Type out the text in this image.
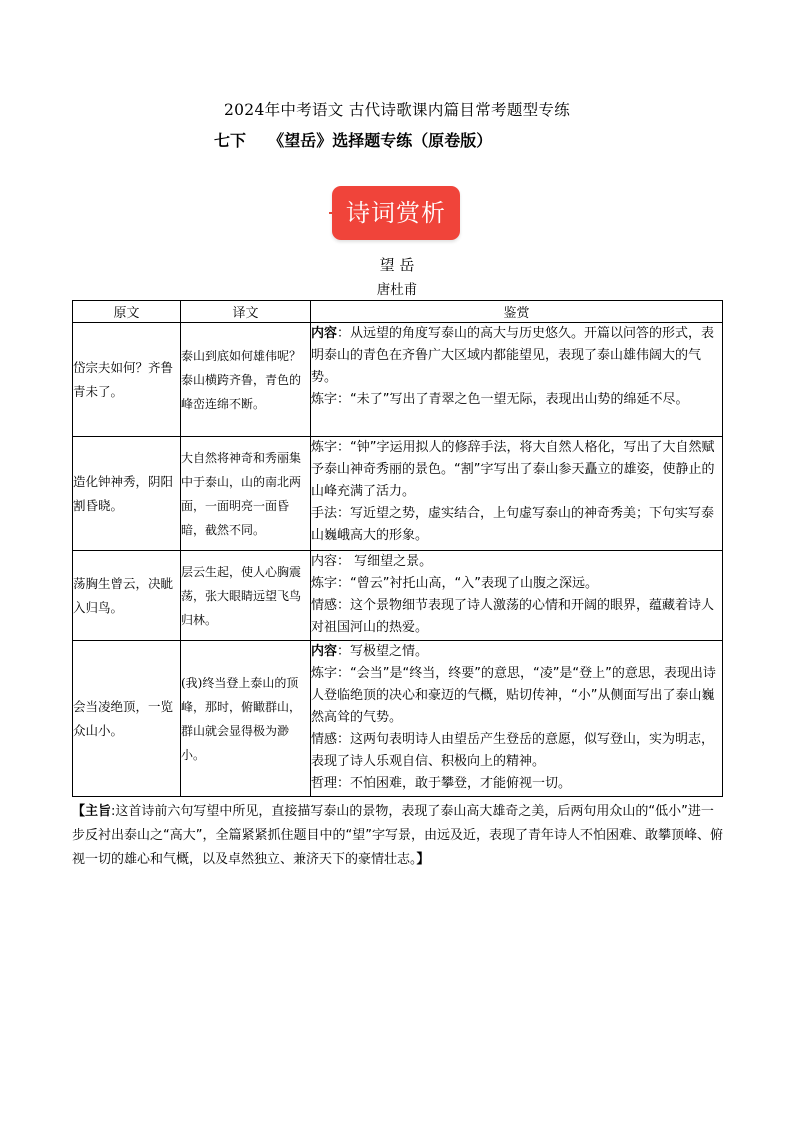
2024年中考语文 古代诗歌课内篇目常考题型专练
七下    《望岳》选择题专练（原卷版）
诗词赏析
望 岳
唐杜甫
原文	译文	鉴赏
岱宗夫如何？齐鲁青未了。	泰山到底如何雄伟呢？泰山横跨齐鲁，青色的峰峦连绵不断。	内容：从远望的角度写泰山的高大与历史悠久。开篇以问答的形式，表明泰山的青色在齐鲁广大区域内都能望见，表现了泰山雄伟阔大的气势。

炼字：“未了”写出了青翠之色一望无际，表现出山势的绵延不尽。

造化钟神秀，阴阳割昏晓。	大自然将神奇和秀丽集中于泰山，山的南北两面，一面明亮一面昏暗，截然不同。	炼字：“钟”字运用拟人的修辞手法，将大自然人格化，写出了大自然赋予泰山神奇秀丽的景色。“割”字写出了泰山参天矗立的雄姿，使静止的山峰充满了活力。

手法：写近望之势，虚实结合，上句虚写泰山的神奇秀美；下句实写泰山巍峨高大的形象。

荡胸生曾云，决眦入归鸟。	层云生起，使人心胸震荡，张大眼睛远望飞鸟归林。	内容： 写细望之景。

炼字：“曾云”衬托山高，“入”表现了山腹之深远。

情感：这个景物细节表现了诗人激荡的心情和开阔的眼界，蕴藏着诗人对祖国河山的热爱。

会当凌绝顶，一览众山小。	(我)终当登上泰山的顶峰，那时，俯瞰群山，群山就会显得极为渺小。	内容：写极望之情。

炼字：“会当”是“终当，终要”的意思，“凌”是“登上”的意思，表现出诗人登临绝顶的决心和豪迈的气概，贴切传神，“小”从侧面写出了泰山巍然高耸的气势。

情感：这两句表明诗人由望岳产生登岳的意愿，似写登山，实为明志，表现了诗人乐观自信、积极向上的精神。

哲理：不怕困难，敢于攀登，才能俯视一切。

【主旨:这首诗前六句写望中所见，直接描写泰山的景物，表现了泰山高大雄奇之美，后两句用众山的“低小”进一步反衬出泰山之“高大”，全篇紧紧抓住题目中的“望”字写景，由远及近，表现了青年诗人不怕困难、敢攀顶峰、俯视一切的雄心和气概，以及卓然独立、兼济天下的豪情壮志。】
